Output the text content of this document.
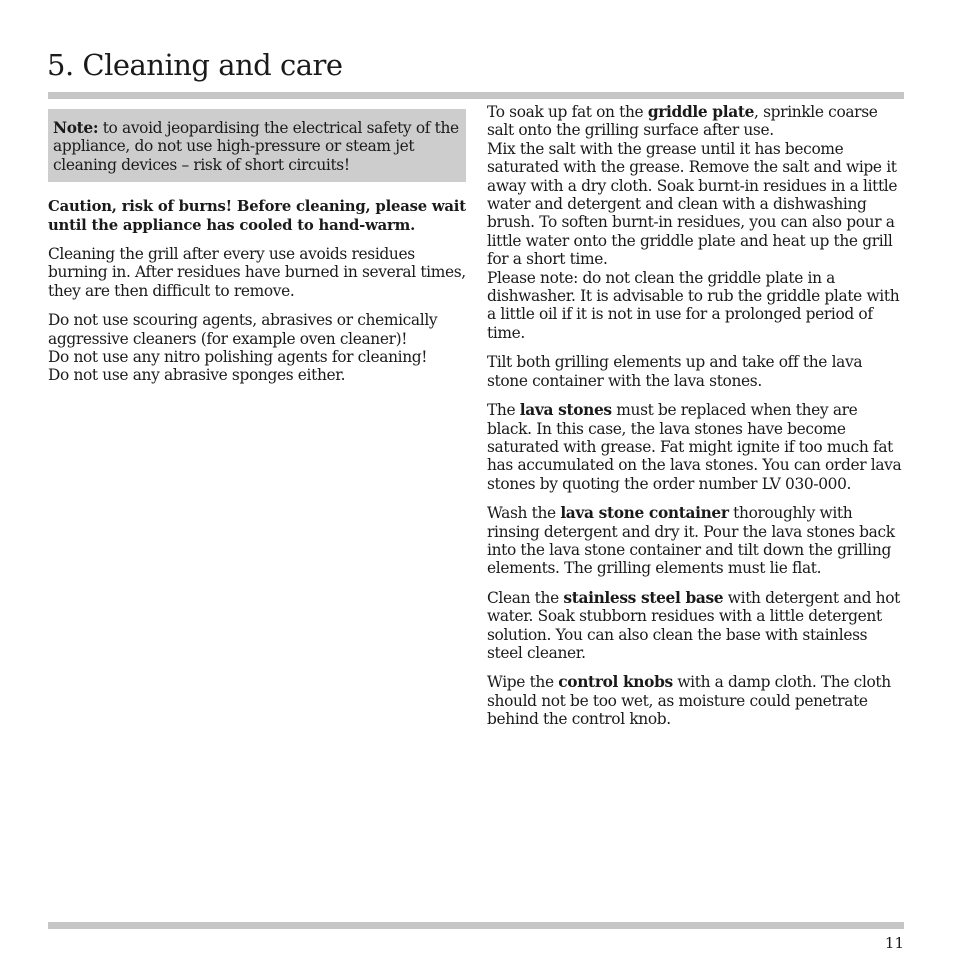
5. Cleaning and care
Note: to avoid jeopardising the electrical safety of the appliance, do not use high-pressure or steam jet cleaning devices – risk of short circuits!

Caution, risk of burns! Before cleaning, please wait until the appliance has cooled to hand-warm.

Cleaning the grill after every use avoids residues burning in. After residues have burned in several times, they are then difficult to remove.

Do not use scouring agents, abrasives or chemically aggressive cleaners (for example oven cleaner)!
Do not use any nitro polishing agents for cleaning!
Do not use any abrasive sponges either.

To soak up fat on the griddle plate, sprinkle coarse salt onto the grilling surface after use.
Mix the salt with the grease until it has become saturated with the grease. Remove the salt and wipe it away with a dry cloth. Soak burnt-in residues in a little water and detergent and clean with a dishwashing brush. To soften burnt-in residues, you can also pour a little water onto the griddle plate and heat up the grill for a short time.
Please note: do not clean the griddle plate in a dishwasher. It is advisable to rub the griddle plate with a little oil if it is not in use for a prolonged period of time.

Tilt both grilling elements up and take off the lava stone container with the lava stones.

The lava stones must be replaced when they are black. In this case, the lava stones have become saturated with grease. Fat might ignite if too much fat has accumulated on the lava stones. You can order lava stones by quoting the order number LV 030-000.

Wash the lava stone container thoroughly with rinsing detergent and dry it. Pour the lava stones back into the lava stone container and tilt down the grilling elements. The grilling elements must lie flat.

Clean the stainless steel base with detergent and hot water. Soak stubborn residues with a little detergent solution. You can also clean the base with stainless steel cleaner.

Wipe the control knobs with a damp cloth. The cloth should not be too wet, as moisture could penetrate behind the control knob.

11
